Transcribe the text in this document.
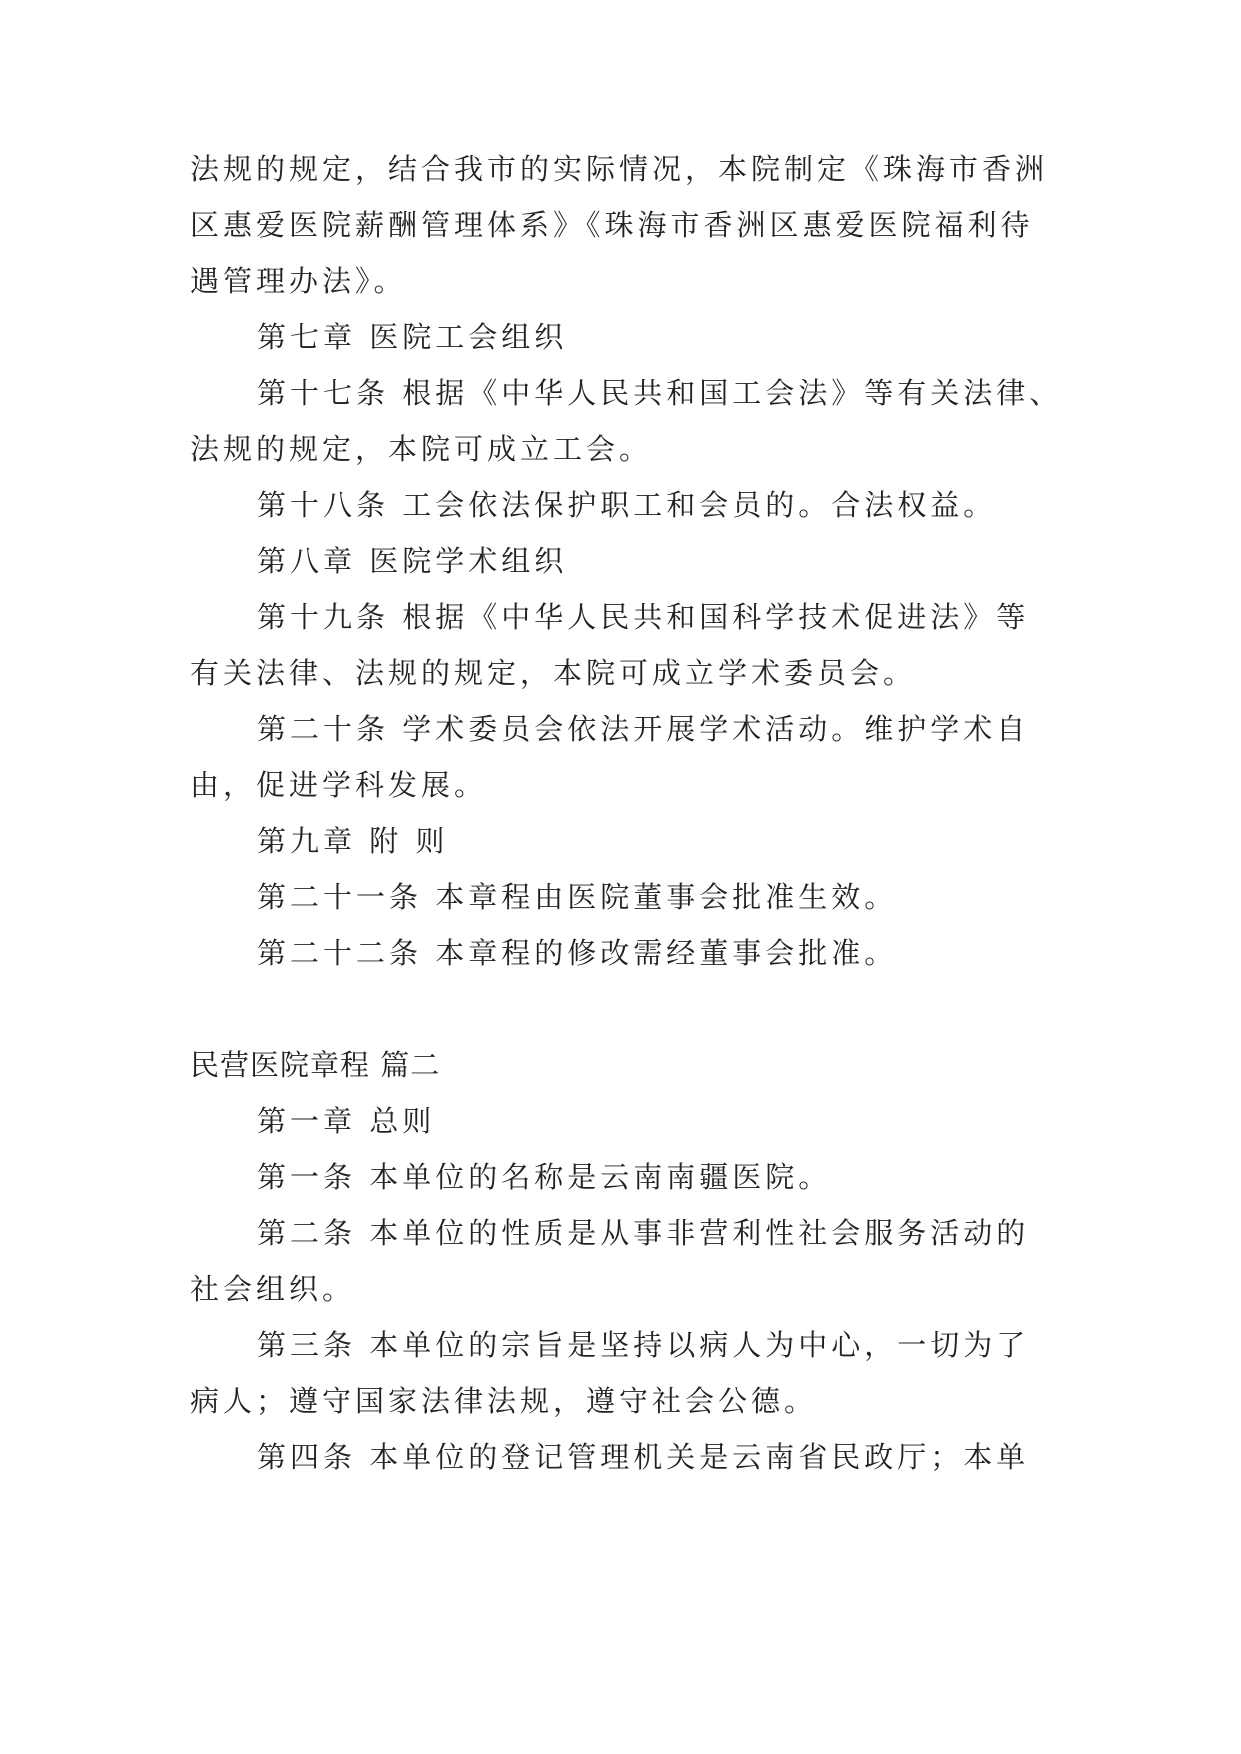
法规的规定，结合我市的实际情况，本院制定《珠海市香洲
区惠爱医院薪酬管理体系》《珠海市香洲区惠爱医院福利待
遇管理办法》。
第七章 医院工会组织
第十七条 根据《中华人民共和国工会法》等有关法律、
法规的规定，本院可成立工会。
第十八条 工会依法保护职工和会员的。合法权益。
第八章 医院学术组织
第十九条 根据《中华人民共和国科学技术促进法》等
有关法律、法规的规定，本院可成立学术委员会。
第二十条 学术委员会依法开展学术活动。维护学术自
由，促进学科发展。
第九章 附 则
第二十一条 本章程由医院董事会批准生效。
第二十二条 本章程的修改需经董事会批准。
民营医院章程 篇二
第一章 总则
第一条 本单位的名称是云南南疆医院。
第二条 本单位的性质是从事非营利性社会服务活动的
社会组织。
第三条 本单位的宗旨是坚持以病人为中心，一切为了
病人；遵守国家法律法规，遵守社会公德。
第四条 本单位的登记管理机关是云南省民政厅；本单
